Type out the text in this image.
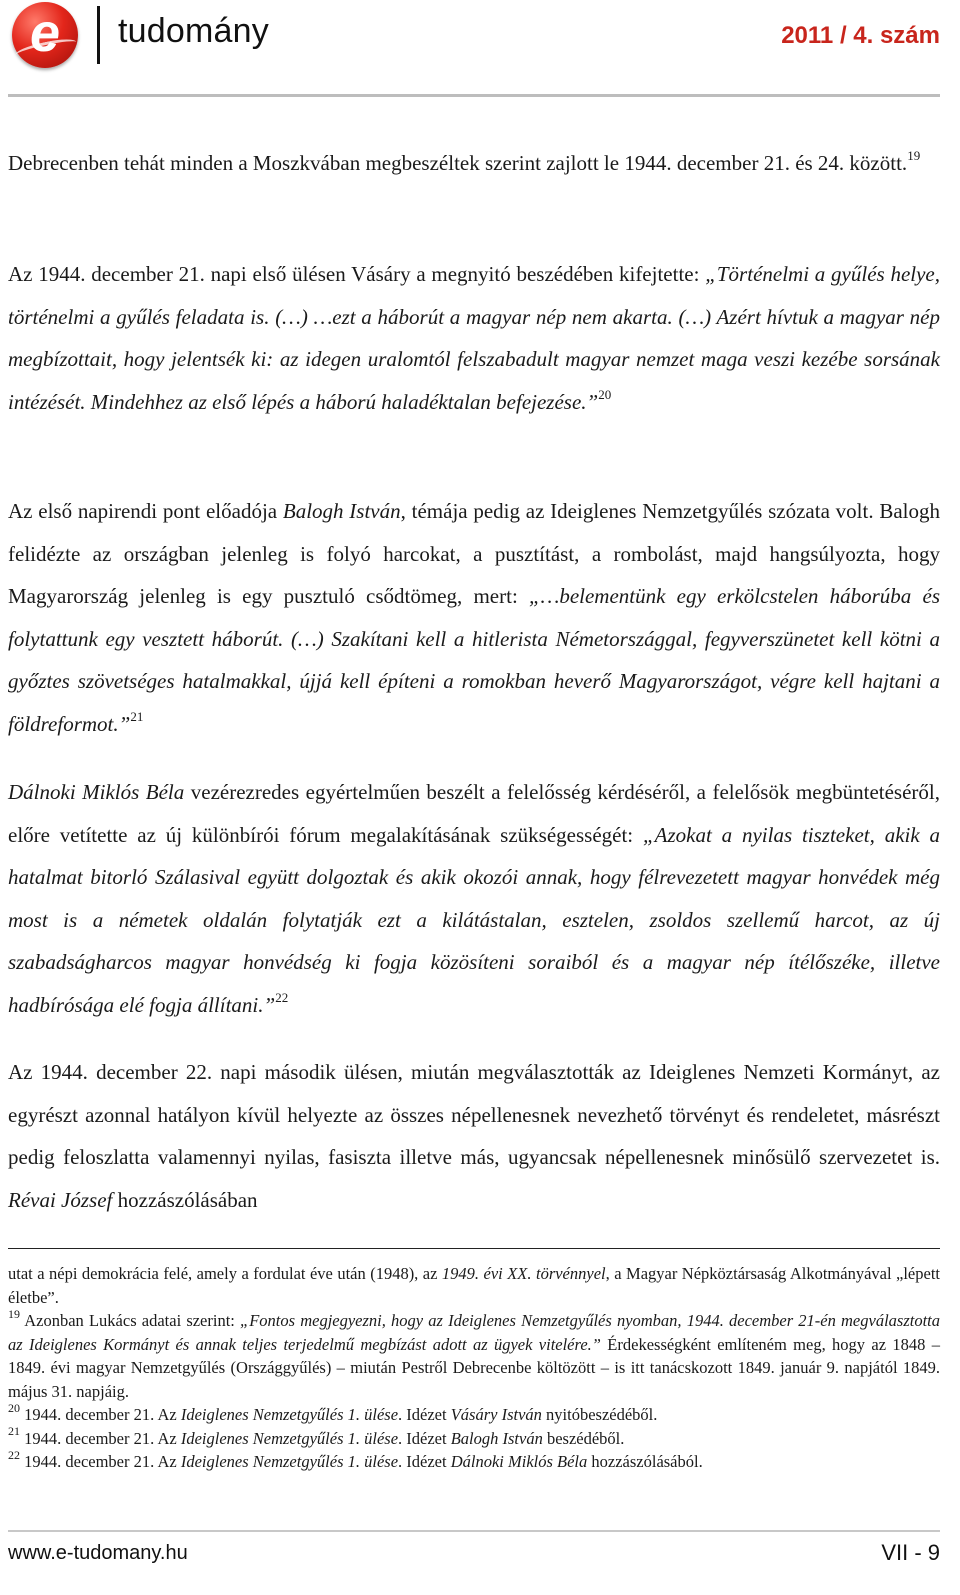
e	tudomány	2011 / 4. szám

Debrecenben tehát minden a Moszkvában megbeszéltek szerint zajlott le 1944. december 21. és 24. között.$^{19}$

Az 1944. december 21. napi első ülésen Vásáry a megnyitó beszédében kifejtette: „Történelmi a gyűlés helye, történelmi a gyűlés feladata is. (…) …ezt a háborút a magyar nép nem akarta. (…) Azért hívtuk a magyar nép megbízottait, hogy jelentsék ki: az idegen uralomtól felszabadult magyar nemzet maga veszi kezébe sorsának intézését. Mindehhez az első lépés a háború haladéktalan befejezése.”$^{20}$

Az első napirendi pont előadója Balogh István, témája pedig az Ideiglenes Nemzetgyűlés szózata volt. Balogh felidézte az országban jelenleg is folyó harcokat, a pusztítást, a rombolást, majd hangsúlyozta, hogy Magyarország jelenleg is egy pusztuló csődtömeg, mert: „…belementünk egy erkölcstelen háborúba és folytattunk egy vesztett háborút. (…) Szakítani kell a hitlerista Németországgal, fegyverszünetet kell kötni a győztes szövetséges hatalmakkal, újjá kell építeni a romokban heverő Magyarországot, végre kell hajtani a földreformot.”$^{21}$

Dálnoki Miklós Béla vezérezredes egyértelműen beszélt a felelősség kérdéséről, a felelősök megbüntetéséről, előre vetítette az új különbírói fórum megalakításának szükségességét: „Azokat a nyilas tiszteket, akik a hatalmat bitorló Szálasival együtt dolgoztak és akik okozói annak, hogy félrevezetett magyar honvédek még most is a németek oldalán folytatják ezt a kilátástalan, esztelen, zsoldos szellemű harcot, az új szabadságharcos magyar honvédség ki fogja közösíteni soraiból és a magyar nép ítélőszéke, illetve hadbírósága elé fogja állítani.”$^{22}$

Az 1944. december 22. napi második ülésen, miután megválasztották az Ideiglenes Nemzeti Kormányt, az egyrészt azonnal hatályon kívül helyezte az összes népellenesnek nevezhető törvényt és rendeletet, másrészt pedig feloszlatta valamennyi nyilas, fasiszta illetve más, ugyancsak népellenesnek minősülő szervezetet is. Révai József hozzászólásában

utat a népi demokrácia felé, amely a fordulat éve után (1948), az 1949. évi XX. törvénnyel, a Magyar Népköztársaság Alkotmányával „lépett életbe”.

$^{19}$ Azonban Lukács adatai szerint: „Fontos megjegyezni, hogy az Ideiglenes Nemzetgyűlés nyomban, 1944. december 21-én megválasztotta az Ideiglenes Kormányt és annak teljes terjedelmű megbízást adott az ügyek vitelére.” Érdekességként említeném meg, hogy az 1848 – 1849. évi magyar Nemzetgyűlés (Országgyűlés) – miután Pestről Debrecenbe költözött – is itt tanácskozott 1849. január 9. napjától 1849. május 31. napjáig.

$^{20}$ 1944. december 21. Az Ideiglenes Nemzetgyűlés 1. ülése. Idézet Vásáry István nyitóbeszédéből.

$^{21}$ 1944. december 21. Az Ideiglenes Nemzetgyűlés 1. ülése. Idézet Balogh István beszédéből.

$^{22}$ 1944. december 21. Az Ideiglenes Nemzetgyűlés 1. ülése. Idézet Dálnoki Miklós Béla hozzászólásából.

www.e-tudomany.hu	VII - 9
